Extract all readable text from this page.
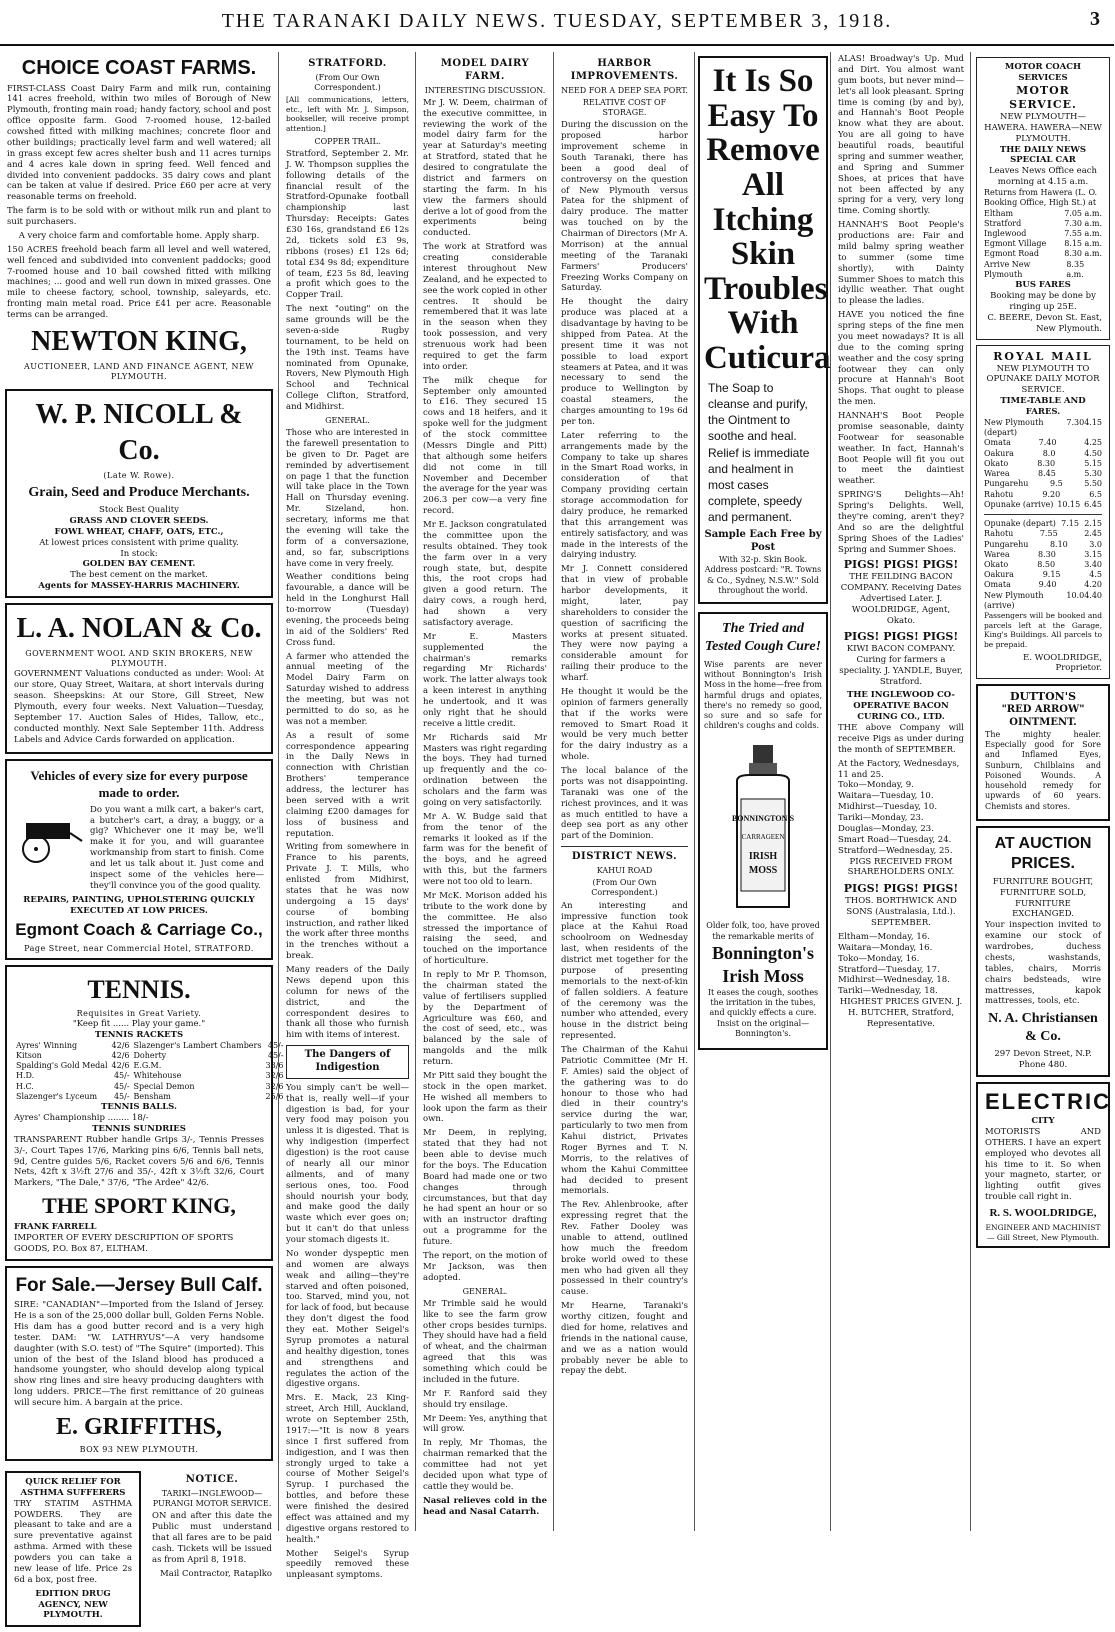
THE TARANAKI DAILY NEWS. TUESDAY, SEPTEMBER 3, 1918.	3
CHOICE COAST FARMS.

FIRST-CLASS Coast Dairy Farm and milk run, containing 141 acres freehold, within two miles of Borough of New Plymouth, fronting main road; handy factory, school and post office opposite farm. Good 7-roomed house, 12-bailed cowshed fitted with milking machines; concrete floor and other buildings; practically level farm and well watered; all in grass except few acres shelter bush and 11 acres turnips and 4 acres kale down in spring feed. Well fenced and divided into convenient paddocks. 35 dairy cows and plant can be taken at value if desired. Price £60 per acre at very reasonable terms on freehold.

The farm is to be sold with or without milk run and plant to suit purchasers.

A very choice farm and comfortable home. Apply sharp.

150 ACRES freehold beach farm all level and well watered, well fenced and subdivided into convenient paddocks; good 7-roomed house and 10 bail cowshed fitted with milking machines; ... good and well run down in mixed grasses. One mile to cheese factory, school, township, saleyards, etc. fronting main metal road. Price £41 per acre. Reasonable terms can be arranged.

NEWTON KING,
AUCTIONEER, LAND AND FINANCE AGENT, NEW PLYMOUTH.
W. P. NICOLL & Co.
(Late W. Rowe).
Grain, Seed and Produce Merchants.
Stock Best Quality
GRASS AND CLOVER SEEDS.
FOWL WHEAT, CHAFF, OATS, ETC.,
At lowest prices consistent with prime quality.
In stock:
GOLDEN BAY CEMENT.
The best cement on the market.
Agents for MASSEY-HARRIS MACHINERY.
L. A. NOLAN & Co.
GOVERNMENT WOOL AND SKIN BROKERS, NEW PLYMOUTH.

GOVERNMENT Valuations conducted as under: Wool: At our store, Quay Street, Waitara, at short intervals during season. Sheepskins: At our Store, Gill Street, New Plymouth, every four weeks. Next Valuation—Tuesday, September 17. Auction Sales of Hides, Tallow, etc., conducted monthly. Next Sale September 11th. Address Labels and Advice Cards forwarded on application.

Vehicles of every size for every purpose made to order.

Do you want a milk cart, a baker's cart, a butcher's cart, a dray, a buggy, or a gig? Whichever one it may be, we'll make it for you, and will guarantee workmanship from start to finish. Come and let us talk about it. Just come and inspect some of the vehicles here—they'll convince you of the good quality.

REPAIRS, PAINTING, UPHOLSTERING QUICKLY EXECUTED AT LOW PRICES.
Egmont Coach & Carriage Co.,
Page Street, near Commercial Hotel, STRATFORD.
TENNIS.
Requisites in Great Variety.
"Keep fit ...... Play your game."
TENNIS RACKETS
Ayres' Winning	42/6	Slazenger's Lambert Chambers	45/-
Kitson	42/6	Doherty	45/-
Spalding's Gold Medal	42/6	E.G.M.	38/6
H.D.	45/-	Whitehouse	32/6
H.C.	45/-	Special Demon	32/6
Slazenger's Lyceum	45/-	Bensham	25/6
TENNIS BALLS.
Ayres' Championship ........ 18/-
TENNIS SUNDRIES

TRANSPARENT Rubber handle Grips 3/-, Tennis Presses 3/-, Court Tapes 17/6, Marking pins 6/6, Tennis ball nets, 9d, Centre guides 5/6, Racket covers 5/6 and 6/6, Tennis Nets, 42ft x 3½ft 27/6 and 35/-, 42ft x 3½ft 32/6, Court Markers, "The Dale," 37/6, "The Ardee" 42/6.

THE SPORT KING,
FRANK FARRELL
IMPORTER OF EVERY DESCRIPTION OF SPORTS GOODS, P.O. Box 87, ELTHAM.
For Sale.—Jersey Bull Calf.

SIRE: "CANADIAN"—Imported from the Island of Jersey. He is a son of the 25,000 dollar bull, Golden Ferns Noble. His dam has a good butter record and is a very high tester. DAM: "W. LATHRYUS"—A very handsome daughter (with S.O. test) of "The Squire" (imported). This union of the best of the Island blood has produced a handsome youngster, who should develop along typical show ring lines and sire heavy producing daughters with long udders. PRICE—The first remittance of 20 guineas will secure him. A bargain at the price.

E. GRIFFITHS,
BOX 93 NEW PLYMOUTH.
QUICK RELIEF FOR ASTHMA SUFFERERS

TRY STATIM ASTHMA POWDERS. They are pleasant to take and are a sure preventative against asthma. Armed with these powders you can take a new lease of life. Price 2s 6d a box, post free.

EDITION DRUG AGENCY, NEW PLYMOUTH.
NOTICE.
TARIKI—INGLEWOOD—PURANGI MOTOR SERVICE.

ON and after this date the Public must understand that all fares are to be paid cash. Tickets will be issued as from April 8, 1918.

Mail Contractor, Rataplko
STRATFORD.
(From Our Own Correspondent.)

[All communications, letters, etc., left with Mr. J. Simpson, bookseller, will receive prompt attention.]

COPPER TRAIL.

Stratford, September 2. Mr. J. W. Thompson supplies the following details of the financial result of the Stratford-Opunake football championship last Thursday: Receipts: Gates £30 16s, grandstand £6 12s 2d, tickets sold £3 9s, ribbons (roses) £1 12s 6d; total £34 9s 8d; expenditure of team, £23 5s 8d, leaving a profit which goes to the Copper Trail.

The next "outing" on the same grounds will be the seven-a-side Rugby tournament, to be held on the 19th inst. Teams have nominated from Opunake, Rovers, New Plymouth High School and Technical College Clifton, Stratford, and Midhirst.

GENERAL.

Those who are interested in the farewell presentation to be given to Dr. Paget are reminded by advertisement on page 1 that the function will take place in the Town Hall on Thursday evening. Mr. Sizeland, hon. secretary, informs me that the evening will take the form of a conversazione, and, so far, subscriptions have come in very freely.

Weather conditions being favourable, a dance will be held in the Longhurst Hall to-morrow (Tuesday) evening, the proceeds being in aid of the Soldiers' Red Cross fund.

A farmer who attended the annual meeting of the Model Dairy Farm on Saturday wished to address the meeting, but was not permitted to do so, as he was not a member.

As a result of some correspondence appearing in the Daily News in connection with Christian Brothers' temperance address, the lecturer has been served with a writ claiming £200 damages for loss of business and reputation.

Writing from somewhere in France to his parents, Private J. T. Mills, who enlisted from Midhirst, states that he was now undergoing a 15 days' course of bombing instruction, and rather liked the work after three months in the trenches without a break.

Many readers of the Daily News depend upon this column for news of the district, and the correspondent desires to thank all those who furnish him with items of interest.

The Dangers of Indigestion

You simply can't be well—that is, really well—if your digestion is bad, for your very food may poison you unless it is digested. That is why indigestion (imperfect digestion) is the root cause of nearly all our minor ailments, and of many serious ones, too. Food should nourish your body, and make good the daily waste which ever goes on; but it can't do that unless your stomach digests it.

No wonder dyspeptic men and women are always weak and ailing—they're starved and often poisoned, too. Starved, mind you, not for lack of food, but because they don't digest the food they eat. Mother Seigel's Syrup promotes a natural and healthy digestion, tones and strengthens and regulates the action of the digestive organs.

Mrs. E. Mack, 23 King-street, Arch Hill, Auckland, wrote on September 25th, 1917:—"It is now 8 years since I first suffered from indigestion, and I was then strongly urged to take a course of Mother Seigel's Syrup. I purchased the bottles, and before these were finished the desired effect was attained and my digestive organs restored to health."

Mother Seigel's Syrup speedily removed these unpleasant symptoms.

MODEL DAIRY FARM.
INTERESTING DISCUSSION.

Mr J. W. Deem, chairman of the executive committee, in reviewing the work of the model dairy farm for the year at Saturday's meeting at Stratford, stated that he desired to congratulate the district and farmers on starting the farm. In his view the farmers should derive a lot of good from the experiments being conducted.

The work at Stratford was creating considerable interest throughout New Zealand, and he expected to see the work copied in other centres. It should be remembered that it was late in the season when they took possession, and very strenuous work had been required to get the farm into order.

The milk cheque for September only amounted to £16. They secured 15 cows and 18 heifers, and it spoke well for the judgment of the stock committee (Messrs Dingle and Pitt) that although some heifers did not come in till November and December the average for the year was 206.3 per cow—a very fine record.

Mr E. Jackson congratulated the committee upon the results obtained. They took the farm over in a very rough state, but, despite this, the root crops had given a good return. The dairy cows, a rough herd, had shown a very satisfactory average.

Mr E. Masters supplemented the chairman's remarks regarding Mr Richards' work. The latter always took a keen interest in anything he undertook, and it was only right that he should receive a little credit.

Mr Richards said Mr Masters was right regarding the boys. They had turned up frequently and the co-ordination between the scholars and the farm was going on very satisfactorily.

Mr A. W. Budge said that from the tenor of the remarks it looked as if the farm was for the benefit of the boys, and he agreed with this, but the farmers were not too old to learn.

Mr McK. Morison added his tribute to the work done by the committee. He also stressed the importance of raising the seed, and touched on the importance of horticulture.

In reply to Mr P. Thomson, the chairman stated the value of fertilisers supplied by the Department of Agriculture was £60, and the cost of seed, etc., was balanced by the sale of mangolds and the milk return.

Mr Pitt said they bought the stock in the open market. He wished all members to look upon the farm as their own.

Mr Deem, in replying, stated that they had not been able to devise much for the boys. The Education Board had made one or two changes through circumstances, but that day he had spent an hour or so with an instructor drafting out a programme for the future.

The report, on the motion of Mr Jackson, was then adopted.

GENERAL.

Mr Trimble said he would like to see the farm grow other crops besides turnips. They should have had a field of wheat, and the chairman agreed that this was something which could be included in the future.

Mr F. Ranford said they should try ensilage.

Mr Deem: Yes, anything that will grow.

In reply, Mr Thomas, the chairman remarked that the committee had not yet decided upon what type of cattle they would be.

Nasal relieves cold in the head and Nasal Catarrh.

HARBOR IMPROVEMENTS.
NEED FOR A DEEP SEA PORT.
RELATIVE COST OF STORAGE.

During the discussion on the proposed harbor improvement scheme in South Taranaki, there has been a good deal of controversy on the question of New Plymouth versus Patea for the shipment of dairy produce. The matter was touched on by the Chairman of Directors (Mr A. Morrison) at the annual meeting of the Taranaki Farmers' Producers' Freezing Works Company on Saturday.

He thought the dairy produce was placed at a disadvantage by having to be shipped from Patea. At the present time it was not possible to load export steamers at Patea, and it was necessary to send the produce to Wellington by coastal steamers, the charges amounting to 19s 6d per ton.

Later referring to the arrangements made by the Company to take up shares in the Smart Road works, in consideration of that Company providing certain storage accommodation for dairy produce, he remarked that this arrangement was entirely satisfactory, and was made in the interests of the dairying industry.

Mr J. Connett considered that in view of probable harbor developments, it might, later, pay shareholders to consider the question of sacrificing the works at present situated. They were now paying a considerable amount for railing their produce to the wharf.

He thought it would be the opinion of farmers generally that if the works were removed to Smart Road it would be very much better for the dairy industry as a whole.

The local balance of the ports was not disappointing. Taranaki was one of the richest provinces, and it was as much entitled to have a deep sea port as any other part of the Dominion.

DISTRICT NEWS.
KAHUI ROAD
(From Our Own Correspondent.)

An interesting and impressive function took place at the Kahui Road schoolroom on Wednesday last, when residents of the district met together for the purpose of presenting memorials to the next-of-kin of fallen soldiers. A feature of the ceremony was the number who attended, every house in the district being represented.

The Chairman of the Kahui Patriotic Committee (Mr H. F. Amies) said the object of the gathering was to do honour to those who had died in their country's service during the war, particularly to two men from Kahui district, Privates Roger Byrnes and T. N. Morris, to the relatives of whom the Kahui Committee had decided to present memorials.

The Rev. Ahlenbrooke, after expressing regret that the Rev. Father Dooley was unable to attend, outlined how much the freedom broke world owed to these men who had given all they possessed in their country's cause.

Mr Hearne, Taranaki's worthy citizen, fought and died for home, relatives and friends in the national cause, and we as a nation would probably never be able to repay the debt.

It Is So Easy To Remove All Itching Skin Troubles With Cuticura
The Soap to cleanse and purify, the Ointment to soothe and heal. Relief is immediate and healment in most cases complete, speedy and permanent.
Sample Each Free by Post
With 32-p. Skin Book. Address postcard: "R. Towns & Co., Sydney, N.S.W." Sold throughout the world.
The Tried and Tested Cough Cure!

Wise parents are never without Bonnington's Irish Moss in the home—free from harmful drugs and opiates, there's no remedy so good, so sure and so safe for children's coughs and colds.

BONNINGTON'S
CARRAGEEN
IRISH
MOSS
Older folk, too, have proved the remarkable merits of
Bonnington's Irish Moss

It eases the cough, soothes the irritation in the tubes, and quickly effects a cure. Insist on the original—Bonnington's.

ALAS! Broadway's Up. Mud and Dirt. You almost want gum boots, but never mind—let's all look pleasant. Spring time is coming (by and by), and Hannah's Boot People know what they are about. You are all going to have beautiful roads, beautiful spring and summer weather, and Spring and Summer Shoes, at prices that have not been affected by any spring for a very, very long time. Coming shortly.

HANNAH'S Boot People's productions are: Fair and mild balmy spring weather to summer (some time shortly), with Dainty Summer Shoes to match this idyllic weather. That ought to please the ladies.

HAVE you noticed the fine spring steps of the fine men you meet nowadays? It is all due to the coming spring weather and the cosy spring footwear they can only procure at Hannah's Boot Shops. That ought to please the men.

HANNAH'S Boot People promise seasonable, dainty Footwear for seasonable weather. In fact, Hannah's Boot People will fit you out to meet the daintiest weather.

SPRING'S Delights—Ah! Spring's Delights. Well, they're coming, aren't they? And so are the delightful Spring Shoes of the Ladies' Spring and Summer Shoes.

PIGS! PIGS! PIGS!

THE FEILDING BACON COMPANY. Receiving Dates Advertised Later. J. WOOLDRIDGE, Agent, Okato.

PIGS! PIGS! PIGS!

KIWI BACON COMPANY. Curing for farmers a speciality. J. YANDLE, Buyer, Stratford.

THE INGLEWOOD CO-OPERATIVE BACON CURING CO., LTD.

THE above Company will receive Pigs as under during the month of SEPTEMBER.

At the Factory, Wednesdays, 11 and 25.
Toko—Monday, 9.
Waitara—Tuesday, 10.
Midhirst—Tuesday, 10.
Tariki—Monday, 23.
Douglas—Monday, 23.
Smart Road—Tuesday, 24.
Stratford—Wednesday, 25.
PIGS RECEIVED FROM SHAREHOLDERS ONLY.
PIGS! PIGS! PIGS!

THOS. BORTHWICK AND SONS (Australasia, Ltd.). SEPTEMBER.

Eltham—Monday, 16.
Waitara—Monday, 16.
Toko—Monday, 16.
Stratford—Tuesday, 17.
Midhirst—Wednesday, 18.
Tariki—Wednesday, 18.
HIGHEST PRICES GIVEN. J. H. BUTCHER, Stratford, Representative.
MOTOR COACH SERVICES
MOTOR SERVICE.
NEW PLYMOUTH—HAWERA. HAWERA—NEW PLYMOUTH.
THE DAILY NEWS SPECIAL CAR
Leaves News Office each morning at 4.15 a.m.
Returns from Hawera (L. O. Booking Office, High St.) at
Eltham	7.05 a.m.
Stratford	7.30 a.m.
Inglewood	7.55 a.m.
Egmont Village 8.15 a.m.
Egmont Road	8.30 a.m.
Arrive New Plymouth
8.35 a.m.
BUS FARES
Booking may be done by ringing up 25E.
C. BEERE, Devon St. East, New Plymouth.
ROYAL MAIL
NEW PLYMOUTH TO OPUNAKE DAILY MOTOR SERVICE.
TIME-TABLE AND FARES.
New Plymouth (depart)
7.30 4.15
Omata	7.40	4.25
Oakura	8.0	4.50
Okato	8.30	5.15
Warea	8.45	5.30
Pungarehu	9.5	5.50
Rahotu	9.20	6.5
Opunake (arrive) 10.15 6.45
Opunake (depart) 7.15 2.15
Rahotu	7.55	2.45
Pungarehu	8.10	3.0
Warea	8.30	3.15
Okato	8.50	3.40
Oakura	9.15	4.5
Omata	9.40	4.20
New Plymouth (arrive)
10.0 4.40

Passengers will be booked and parcels left at the Garage, King's Buildings. All parcels to be prepaid.

E. WOOLDRIDGE, Proprietor.
DUTTON'S
"RED ARROW"
OINTMENT.

The mighty healer. Especially good for Sore and Inflamed Eyes, Sunburn, Chilblains and Poisoned Wounds. A household remedy for upwards of 60 years. Chemists and stores.

AT AUCTION PRICES.
FURNITURE BOUGHT, FURNITURE SOLD, FURNITURE EXCHANGED.

Your inspection invited to examine our stock of wardrobes, duchess chests, washstands, tables, chairs, Morris chairs bedsteads, wire mattresses, kapok mattresses, tools, etc.

N. A. Christiansen & Co.
297 Devon Street, N.P. Phone 480.
ELECTRIC
CITY

MOTORISTS AND OTHERS. I have an expert employed who devotes all his time to it. So when your magneto, starter, or lighting outfit gives trouble call right in.

R. S. WOOLDRIDGE,
ENGINEER AND MACHINIST — Gill Street, New Plymouth.
